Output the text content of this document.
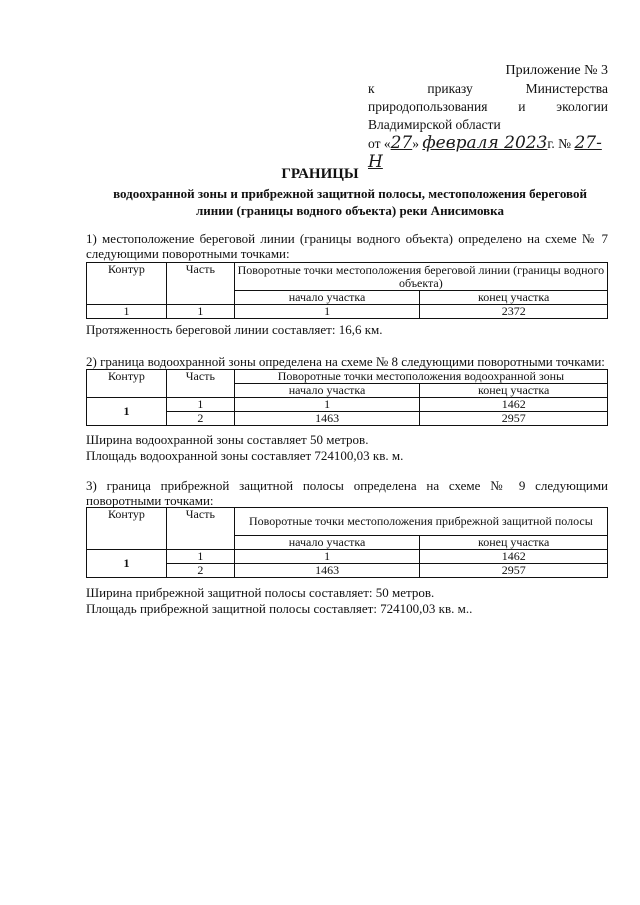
Приложение № 3
к	приказу	Министерства
природопользования и экологии
Владимирской области
от «27» февраля 2023г. № 27-Н
ГРАНИЦЫ
водоохранной зоны и прибрежной защитной полосы, местоположения береговой линии (границы водного объекта) реки Анисимовка
1) местоположение береговой линии (границы водного объекта) определено на схеме № 7 следующими поворотными точками:
Контур	Часть	Поворотные точки местоположения береговой линии (границы водного объекта)	
		начало участка	конец участка
1	1	1	2372
Протяженность береговой линии составляет: 16,6 км.
2) граница водоохранной зоны определена на схеме № 8 следующими поворотными точками:
Контур	Часть	Поворотные точки местоположения водоохранной зоны	
		начало участка	конец участка
1	1	1	1462
	2	1463	2957
Ширина водоохранной зоны составляет 50 метров.
Площадь водоохранной зоны составляет 724100,03 кв. м.
3) граница прибрежной защитной полосы определена на схеме № 9 следующими поворотными точками:
Контур	Часть	Поворотные точки местоположения прибрежной защитной полосы	
		начало участка	конец участка
1	1	1	1462
	2	1463	2957
Ширина прибрежной защитной полосы составляет: 50 метров.
Площадь прибрежной защитной полосы составляет: 724100,03 кв. м..
